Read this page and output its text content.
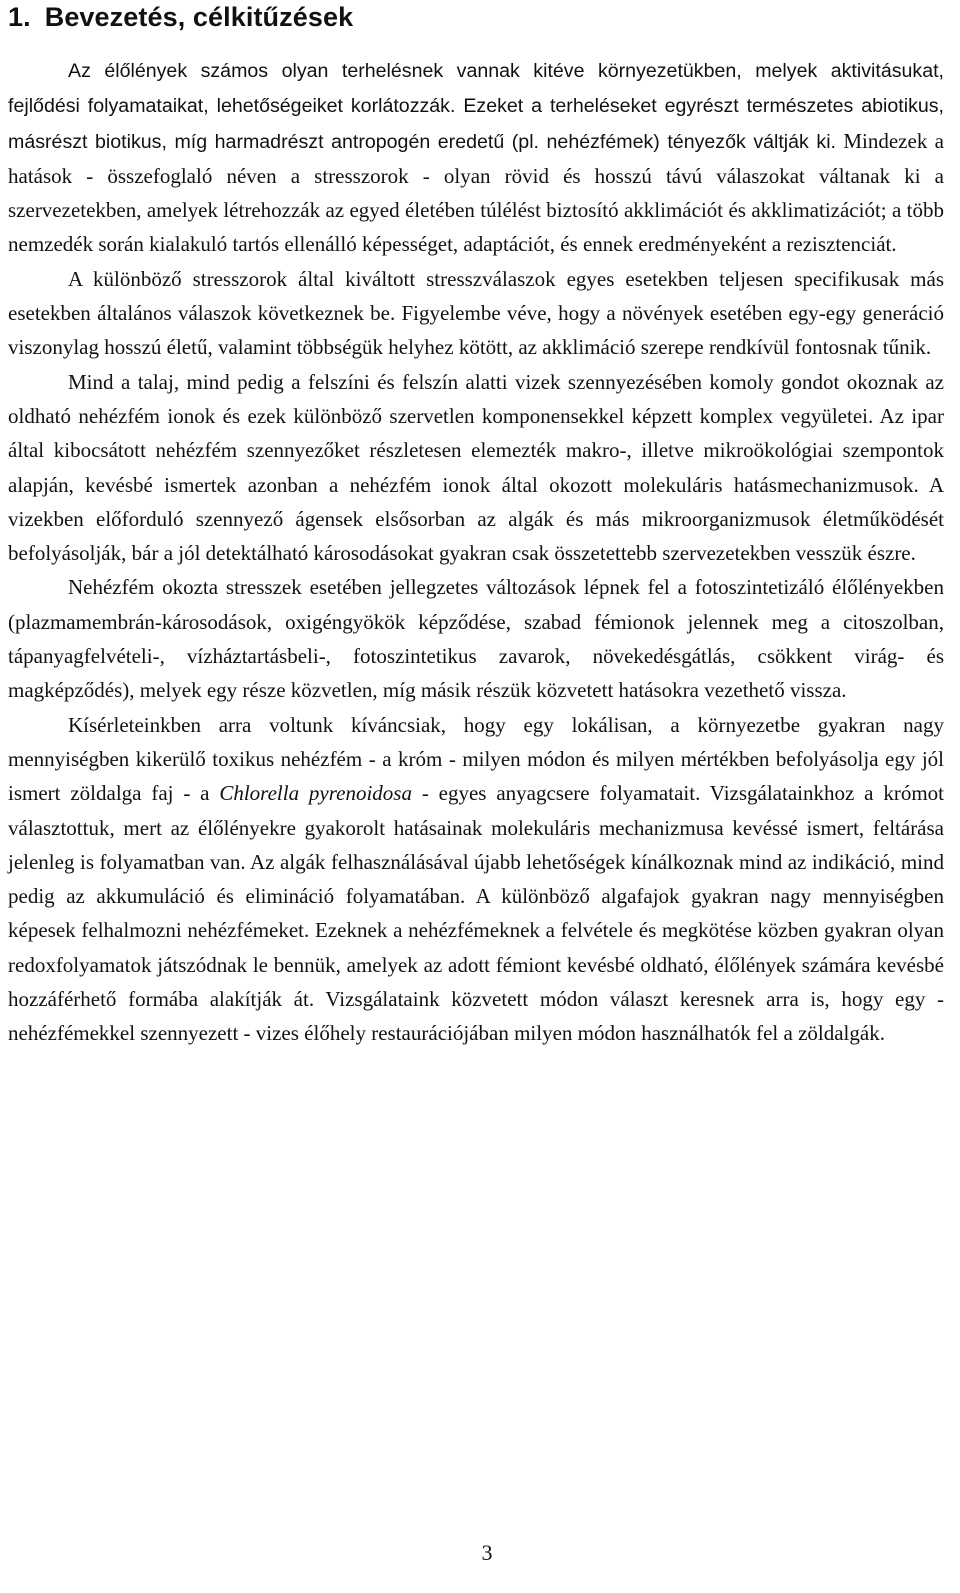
1. Bevezetés, célkitűzések

Az élőlények számos olyan terhelésnek vannak kitéve környezetükben, melyek aktivitásukat, fejlődési folyamataikat, lehetőségeiket korlátozzák. Ezeket a terheléseket egyrészt természetes abiotikus, másrészt biotikus, míg harmadrészt antropogén eredetű (pl. nehézfémek) tényezők váltják ki. Mindezek a hatások - összefoglaló néven a stresszorok - olyan rövid és hosszú távú válaszokat váltanak ki a szervezetekben, amelyek létrehozzák az egyed életében túlélést biztosító akklimációt és akklimatizációt; a több nemzedék során kialakuló tartós ellenálló képességet, adaptációt, és ennek eredményeként a rezisztenciát.

A különböző stresszorok által kiváltott stresszválaszok egyes esetekben teljesen specifikusak más esetekben általános válaszok következnek be. Figyelembe véve, hogy a növények esetében egy-egy generáció viszonylag hosszú életű, valamint többségük helyhez kötött, az akklimáció szerepe rendkívül fontosnak tűnik.

Mind a talaj, mind pedig a felszíni és felszín alatti vizek szennyezésében komoly gondot okoznak az oldható nehézfém ionok és ezek különböző szervetlen komponensekkel képzett komplex vegyületei. Az ipar által kibocsátott nehézfém szennyezőket részletesen elemezték makro-, illetve mikroökológiai szempontok alapján, kevésbé ismertek azonban a nehézfém ionok által okozott molekuláris hatásmechanizmusok. A vizekben előforduló szennyező ágensek elsősorban az algák és más mikroorganizmusok életműködését befolyásolják, bár a jól detektálható károsodásokat gyakran csak összetettebb szervezetekben vesszük észre.

Nehézfém okozta stresszek esetében jellegzetes változások lépnek fel a fotoszintetizáló élőlényekben (plazmamembrán-károsodások, oxigéngyökök képződése, szabad fémionok jelennek meg a citoszolban, tápanyagfelvételi-, vízháztartásbeli-, fotoszintetikus zavarok, növekedésgátlás, csökkent virág- és magképződés), melyek egy része közvetlen, míg másik részük közvetett hatásokra vezethető vissza.

Kísérleteinkben arra voltunk kíváncsiak, hogy egy lokálisan, a környezetbe gyakran nagy mennyiségben kikerülő toxikus nehézfém - a króm - milyen módon és milyen mértékben befolyásolja egy jól ismert zöldalga faj - a Chlorella pyrenoidosa - egyes anyagcsere folyamatait. Vizsgálatainkhoz a krómot választottuk, mert az élőlényekre gyakorolt hatásainak molekuláris mechanizmusa kevéssé ismert, feltárása jelenleg is folyamatban van. Az algák felhasználásával újabb lehetőségek kínálkoznak mind az indikáció, mind pedig az akkumuláció és elimináció folyamatában. A különböző algafajok gyakran nagy mennyiségben képesek felhalmozni nehézfémeket. Ezeknek a nehézfémeknek a felvétele és megkötése közben gyakran olyan redoxfolyamatok játszódnak le bennük, amelyek az adott fémiont kevésbé oldható, élőlények számára kevésbé hozzáférhető formába alakítják át. Vizsgálataink közvetett módon választ keresnek arra is, hogy egy - nehézfémekkel szennyezett - vizes élőhely restaurációjában milyen módon használhatók fel a zöldalgák.

3
